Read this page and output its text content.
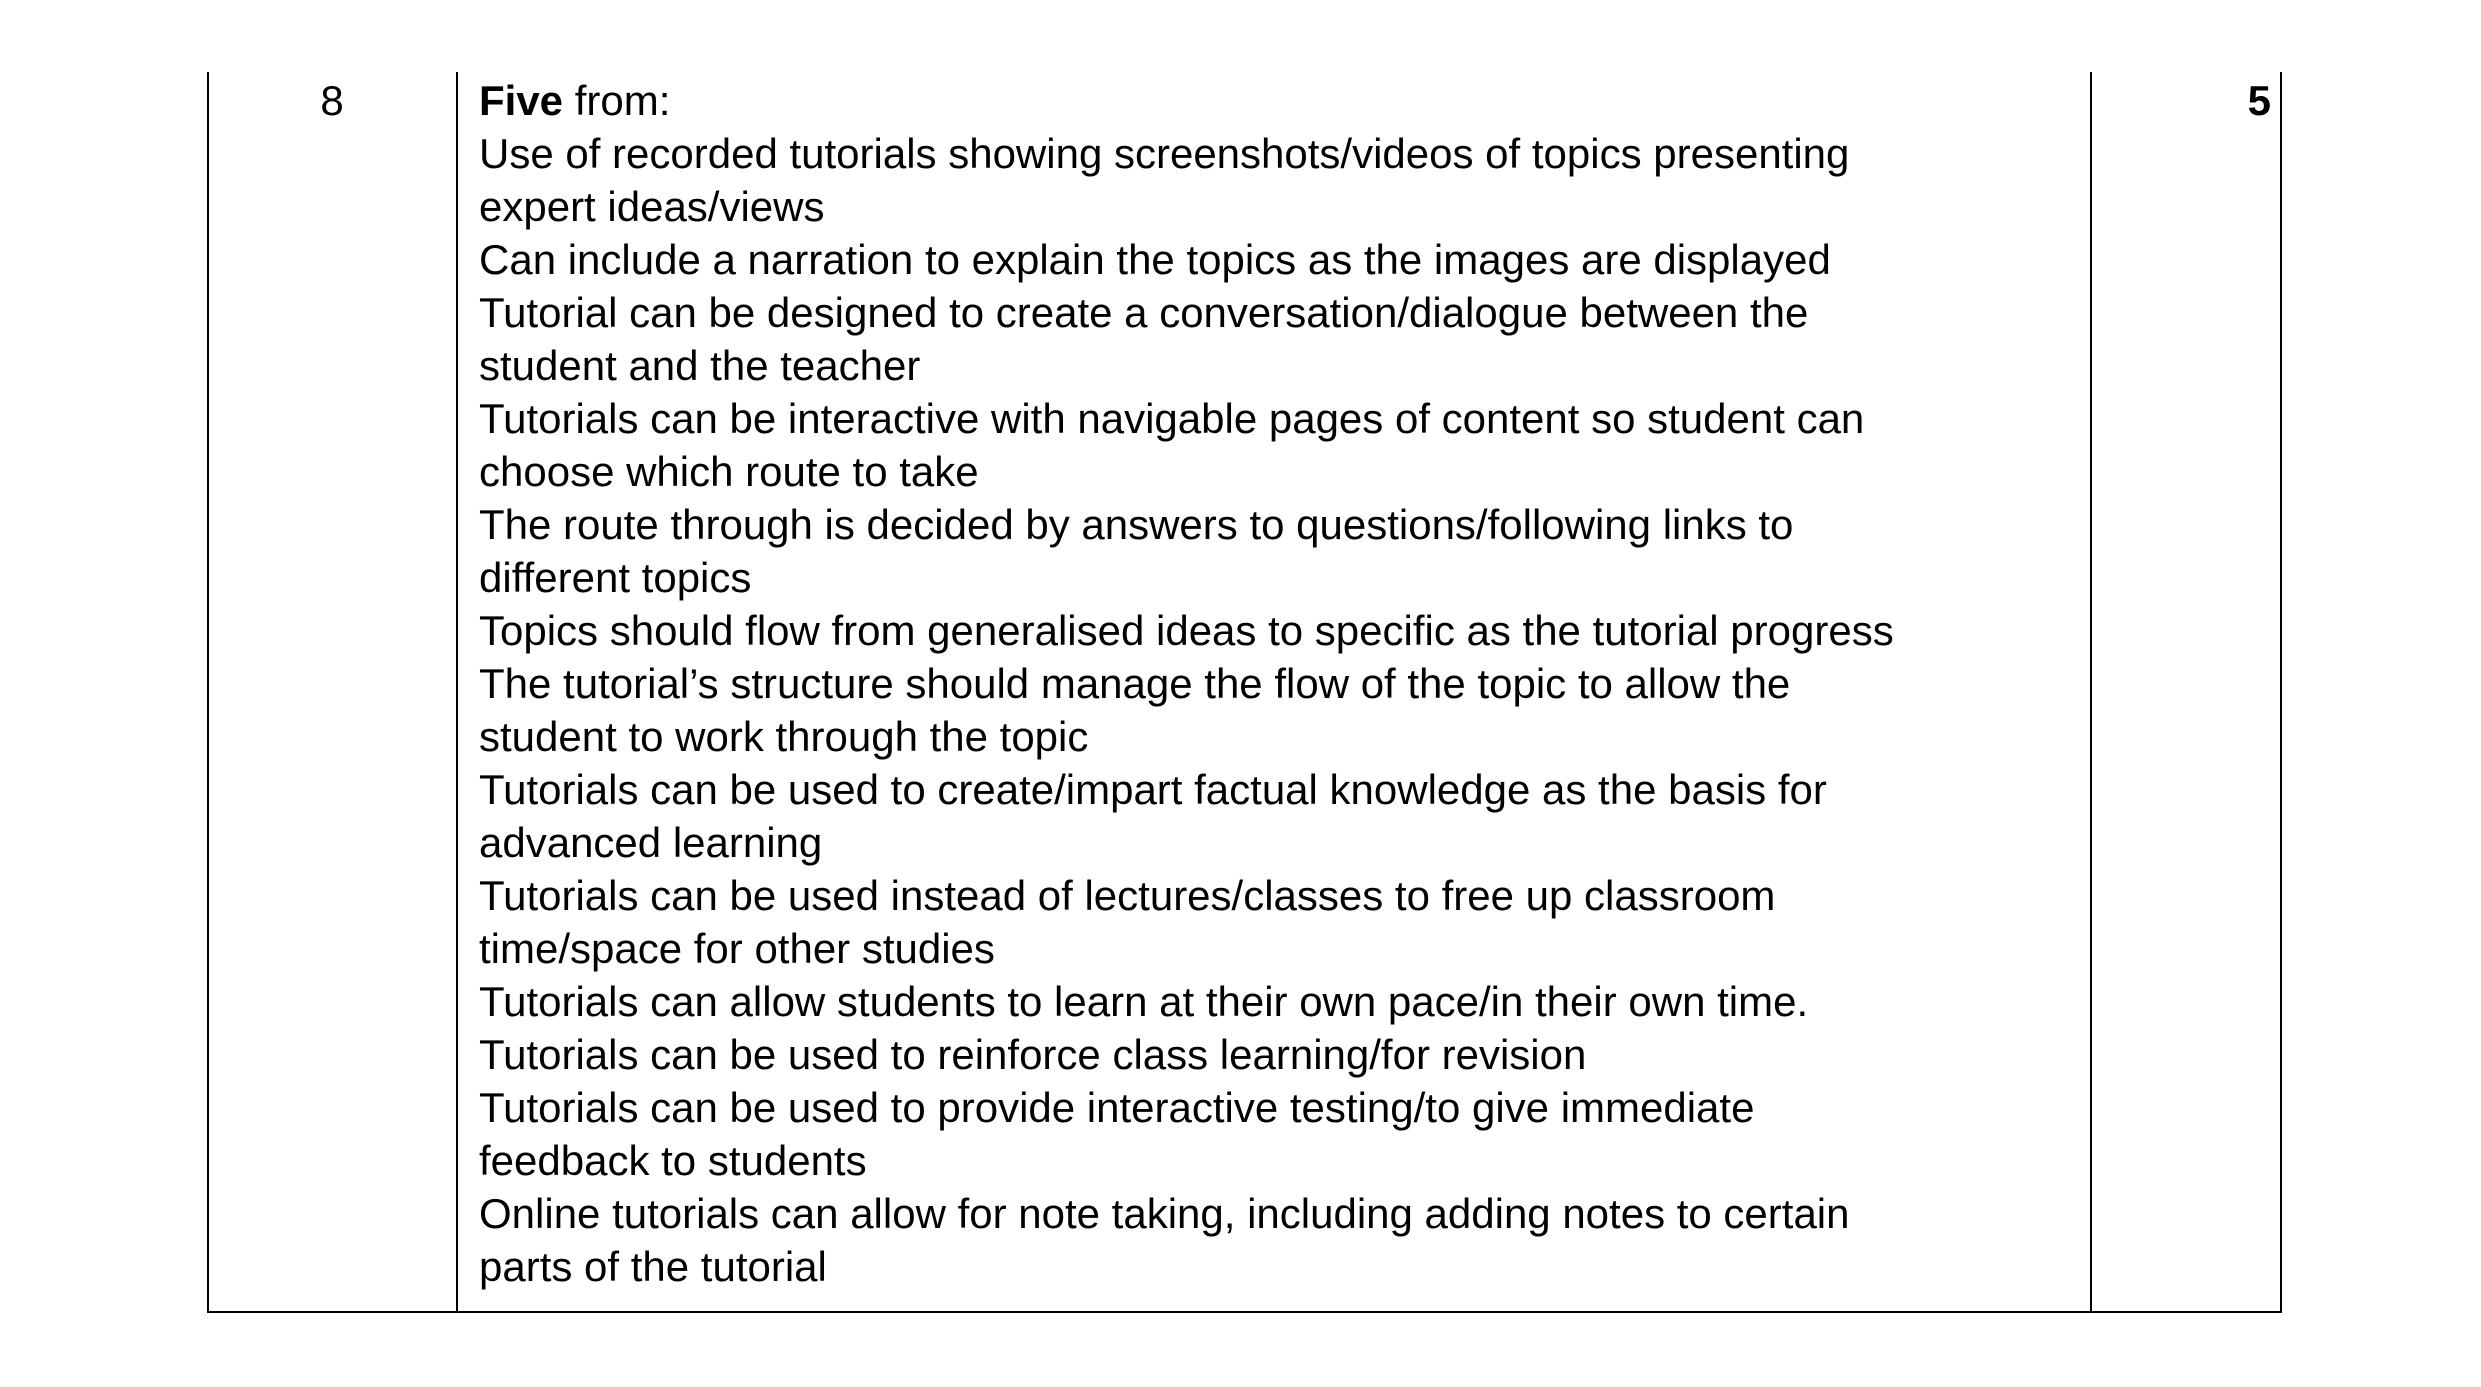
8	Five from:
Use of recorded tutorials showing screenshots/videos of topics presenting
expert ideas/views
Can include a narration to explain the topics as the images are displayed
Tutorial can be designed to create a conversation/dialogue between the
student and the teacher
Tutorials can be interactive with navigable pages of content so student can
choose which route to take
The route through is decided by answers to questions/following links to
different topics
Topics should flow from generalised ideas to specific as the tutorial progress
The tutorial’s structure should manage the flow of the topic to allow the
student to work through the topic
Tutorials can be used to create/impart factual knowledge as the basis for
advanced learning
Tutorials can be used instead of lectures/classes to free up classroom
time/space for other studies
Tutorials can allow students to learn at their own pace/in their own time.
Tutorials can be used to reinforce class learning/for revision
Tutorials can be used to provide interactive testing/to give immediate
feedback to students
Online tutorials can allow for note taking, including adding notes to certain
parts of the tutorial
5
